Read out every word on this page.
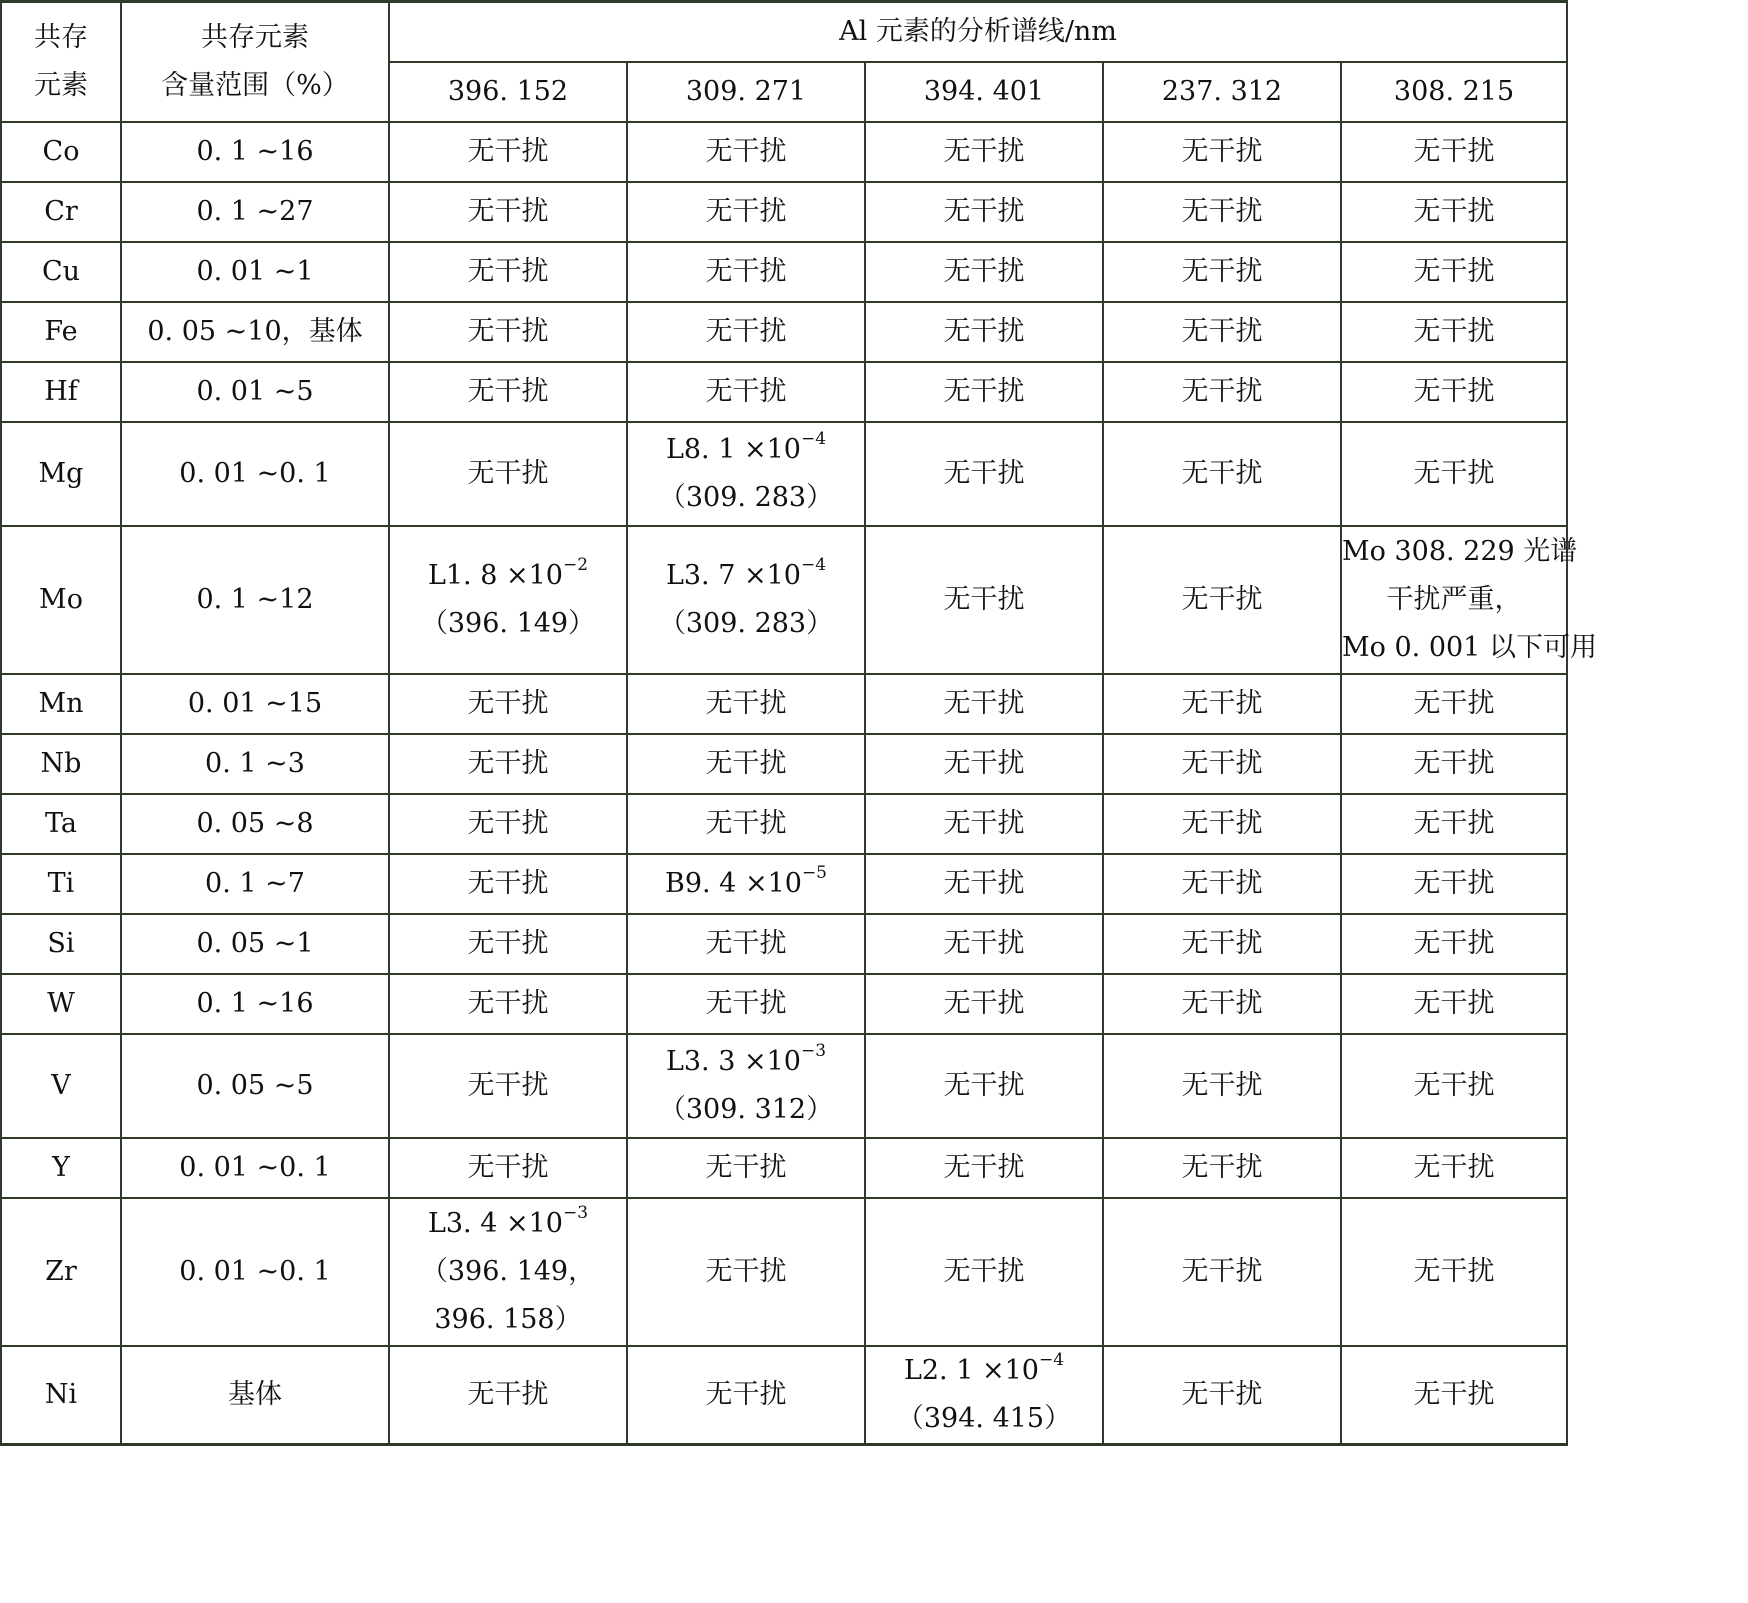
共存
元素	共存元素
含量范围（%）	Al 元素的分析谱线/nm				
		396. 152	309. 271	394. 401	237. 312	308. 215
Co	0. 1 ~16	无干扰	无干扰	无干扰	无干扰	无干扰

Cr	0. 1 ~27	无干扰	无干扰	无干扰	无干扰	无干扰

Cu	0. 01 ~1	无干扰	无干扰	无干扰	无干扰	无干扰

Fe	0. 05 ~10，基体	无干扰	无干扰	无干扰	无干扰	无干扰

Hf	0. 01 ~5	无干扰	无干扰	无干扰	无干扰	无干扰

Mg	0. 01 ~0. 1	无干扰	L8. $1 \times 10^{-4}$
（309. 283）	无干扰	无干扰	无干扰

Mo	0. 1 ~12	L1. $8 \times 10^{-2}$
（396. 149）	L3. $7 \times 10^{-4}$
（309. 283）	无干扰	无干扰	Mo 308. 229 光谱
干扰严重，
Mo 0. 001 以下可用

Mn	0. 01 ~15	无干扰	无干扰	无干扰	无干扰	无干扰

Nb	0. 1 ~3	无干扰	无干扰	无干扰	无干扰	无干扰

Ta	0. 05 ~8	无干扰	无干扰	无干扰	无干扰	无干扰

Ti	0. 1 ~7	无干扰	B9. $4 \times 10^{-5}$	无干扰	无干扰	无干扰

Si	0. 05 ~1	无干扰	无干扰	无干扰	无干扰	无干扰

W	0. 1 ~16	无干扰	无干扰	无干扰	无干扰	无干扰

V	0. 05 ~5	无干扰	L3. $3 \times 10^{-3}$
（309. 312）	无干扰	无干扰	无干扰

Y	0. 01 ~0. 1	无干扰	无干扰	无干扰	无干扰	无干扰

Zr	0. 01 ~0. 1	L3. $4 \times 10^{-3}$
（396. 149，
396. 158）	无干扰	无干扰	无干扰	无干扰

Ni	基体	无干扰	无干扰	L2. $1 \times 10^{-4}$
（394. 415）	无干扰	无干扰
